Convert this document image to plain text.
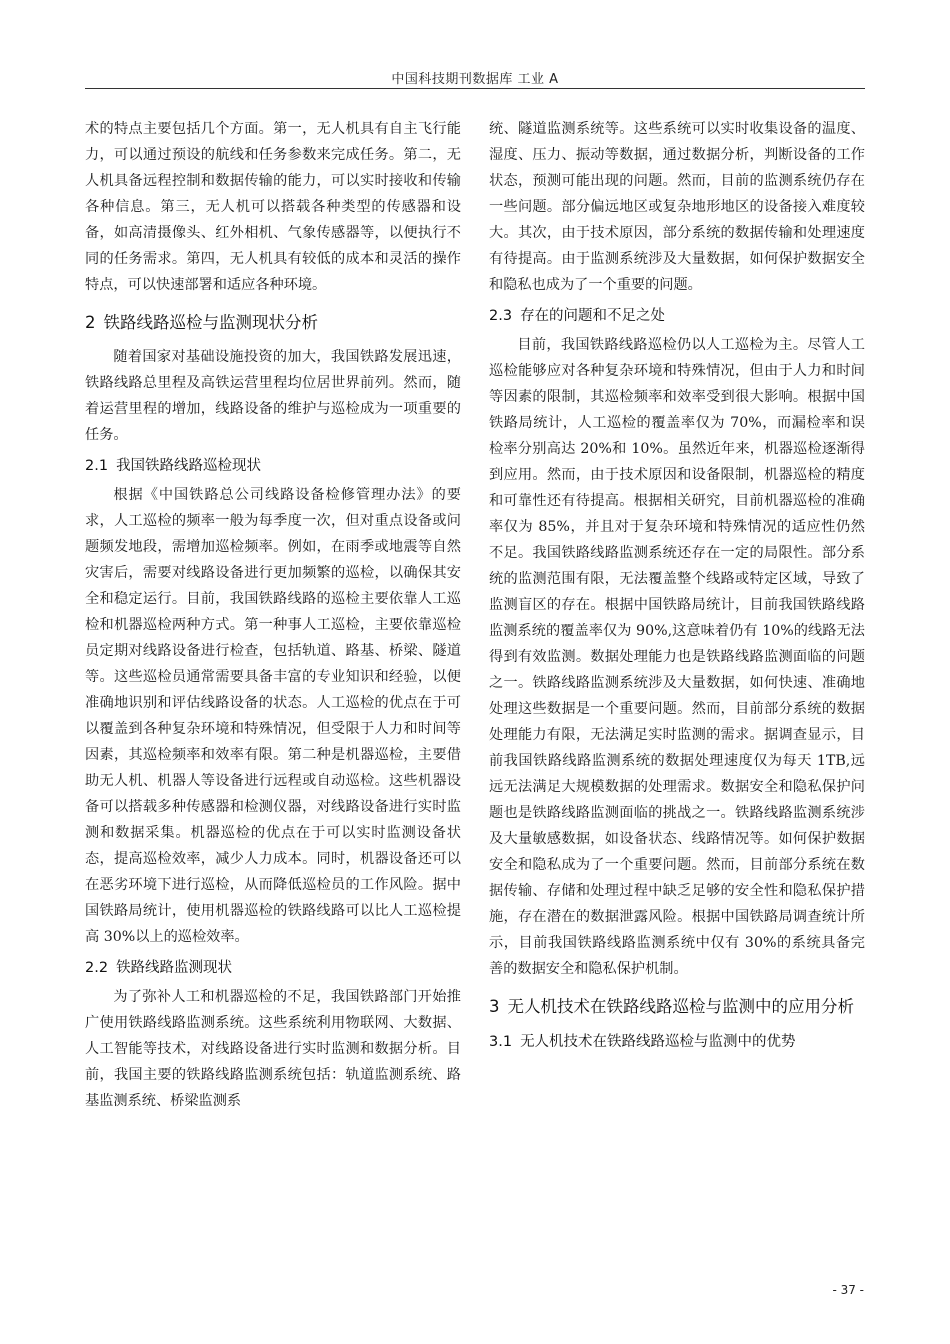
中国科技期刊数据库 工业 A

术的特点主要包括几个方面。第一，无人机具有自主飞行能力，可以通过预设的航线和任务参数来完成任务。第二，无人机具备远程控制和数据传输的能力，可以实时接收和传输各种信息。第三，无人机可以搭载各种类型的传感器和设备，如高清摄像头、红外相机、气象传感器等，以便执行不同的任务需求。第四，无人机具有较低的成本和灵活的操作特点，可以快速部署和适应各种环境。

2 铁路线路巡检与监测现状分析

随着国家对基础设施投资的加大，我国铁路发展迅速，铁路线路总里程及高铁运营里程均位居世界前列。然而，随着运营里程的增加，线路设备的维护与巡检成为一项重要的任务。

2.1 我国铁路线路巡检现状

根据《中国铁路总公司线路设备检修管理办法》的要求，人工巡检的频率一般为每季度一次，但对重点设备或问题频发地段，需增加巡检频率。例如，在雨季或地震等自然灾害后，需要对线路设备进行更加频繁的巡检，以确保其安全和稳定运行。目前，我国铁路线路的巡检主要依靠人工巡检和机器巡检两种方式。第一种事人工巡检，主要依靠巡检员定期对线路设备进行检查，包括轨道、路基、桥梁、隧道等。这些巡检员通常需要具备丰富的专业知识和经验，以便准确地识别和评估线路设备的状态。人工巡检的优点在于可以覆盖到各种复杂环境和特殊情况，但受限于人力和时间等因素，其巡检频率和效率有限。第二种是机器巡检，主要借助无人机、机器人等设备进行远程或自动巡检。这些机器设备可以搭载多种传感器和检测仪器，对线路设备进行实时监测和数据采集。机器巡检的优点在于可以实时监测设备状态，提高巡检效率，减少人力成本。同时，机器设备还可以在恶劣环境下进行巡检，从而降低巡检员的工作风险。据中国铁路局统计，使用机器巡检的铁路线路可以比人工巡检提高 30%以上的巡检效率。

2.2 铁路线路监测现状

为了弥补人工和机器巡检的不足，我国铁路部门开始推广使用铁路线路监测系统。这些系统利用物联网、大数据、人工智能等技术，对线路设备进行实时监测和数据分析。目前，我国主要的铁路线路监测系统包括：轨道监测系统、路基监测系统、桥梁监测系

统、隧道监测系统等。这些系统可以实时收集设备的温度、湿度、压力、振动等数据，通过数据分析，判断设备的工作状态，预测可能出现的问题。然而，目前的监测系统仍存在一些问题。部分偏远地区或复杂地形地区的设备接入难度较大。其次，由于技术原因，部分系统的数据传输和处理速度有待提高。由于监测系统涉及大量数据，如何保护数据安全和隐私也成为了一个重要的问题。

2.3 存在的问题和不足之处

目前，我国铁路线路巡检仍以人工巡检为主。尽管人工巡检能够应对各种复杂环境和特殊情况，但由于人力和时间等因素的限制，其巡检频率和效率受到很大影响。根据中国铁路局统计，人工巡检的覆盖率仅为 70%，而漏检率和误检率分别高达 20%和 10%。虽然近年来，机器巡检逐渐得到应用。然而，由于技术原因和设备限制，机器巡检的精度和可靠性还有待提高。根据相关研究，目前机器巡检的准确率仅为 85%，并且对于复杂环境和特殊情况的适应性仍然不足。我国铁路线路监测系统还存在一定的局限性。部分系统的监测范围有限，无法覆盖整个线路或特定区域，导致了监测盲区的存在。根据中国铁路局统计，目前我国铁路线路监测系统的覆盖率仅为 90%,这意味着仍有 10%的线路无法得到有效监测。数据处理能力也是铁路线路监测面临的问题之一。铁路线路监测系统涉及大量数据，如何快速、准确地处理这些数据是一个重要问题。然而，目前部分系统的数据处理能力有限，无法满足实时监测的需求。据调查显示，目前我国铁路线路监测系统的数据处理速度仅为每天 1TB,远远无法满足大规模数据的处理需求。数据安全和隐私保护问题也是铁路线路监测面临的挑战之一。铁路线路监测系统涉及大量敏感数据，如设备状态、线路情况等。如何保护数据安全和隐私成为了一个重要问题。然而，目前部分系统在数据传输、存储和处理过程中缺乏足够的安全性和隐私保护措施，存在潜在的数据泄露风险。根据中国铁路局调查统计所示，目前我国铁路线路监测系统中仅有 30%的系统具备完善的数据安全和隐私保护机制。

3 无人机技术在铁路线路巡检与监测中的应用分析
3.1 无人机技术在铁路线路巡检与监测中的优势
- 37 -
